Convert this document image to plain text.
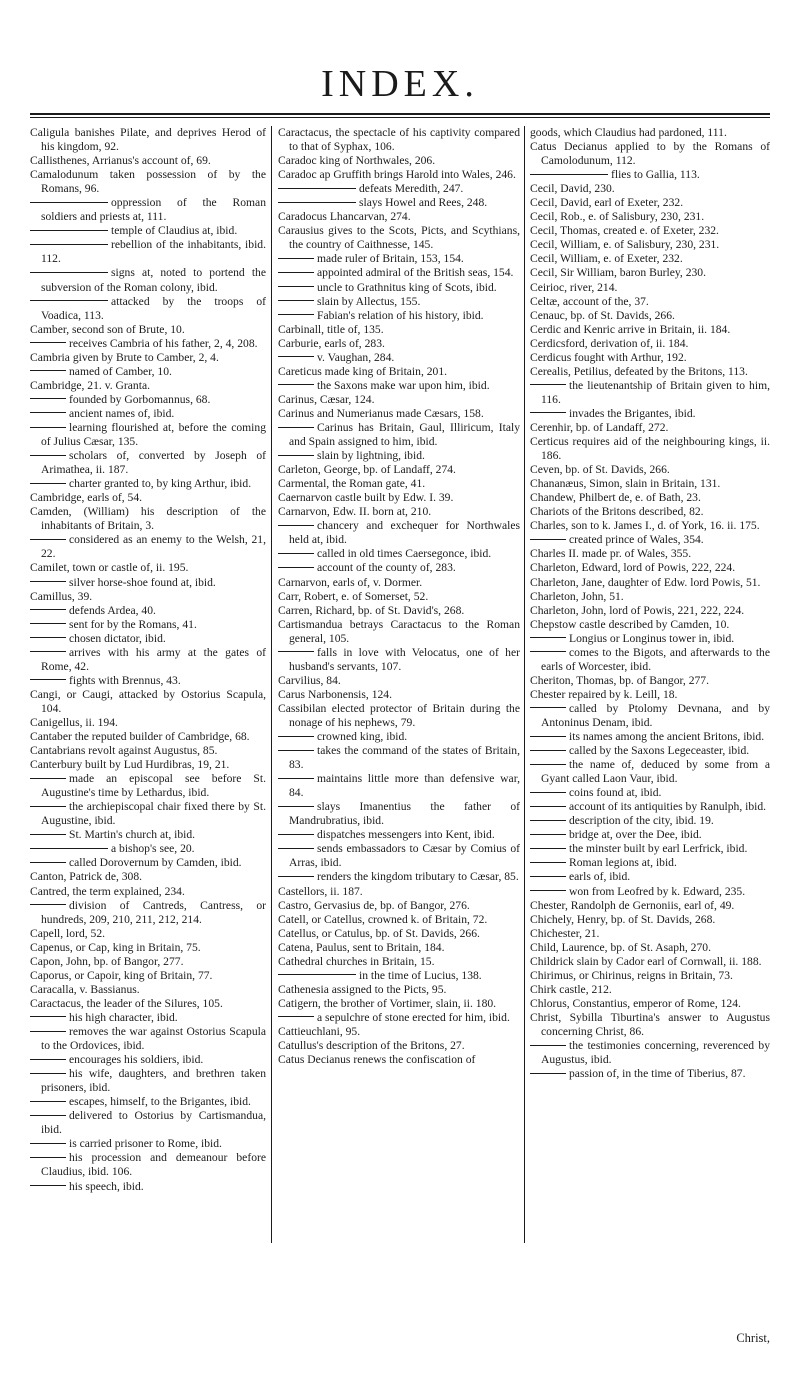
INDEX.

Caligula banishes Pilate, and deprives Herod of his kingdom, 92.

Callisthenes, Arrianus's account of, 69.

Camalodunum taken possession of by the Romans, 96.

oppression of the Roman soldiers and priests at, 111.

temple of Claudius at, ibid.

rebellion of the inhabitants, ibid. 112.

signs at, noted to portend the subversion of the Roman colony, ibid.

attacked by the troops of Voadica, 113.

Camber, second son of Brute, 10.

receives Cambria of his father, 2, 4, 208.

Cambria given by Brute to Camber, 2, 4.

named of Camber, 10.

Cambridge, 21. v. Granta.

founded by Gorbomannus, 68.

ancient names of, ibid.

learning flourished at, before the coming of Julius Cæsar, 135.

scholars of, converted by Joseph of Arimathea, ii. 187.

charter granted to, by king Arthur, ibid.

Cambridge, earls of, 54.

Camden, (William) his description of the inhabitants of Britain, 3.

considered as an enemy to the Welsh, 21, 22.

Camilet, town or castle of, ii. 195.

silver horse-shoe found at, ibid.

Camillus, 39.

defends Ardea, 40.

sent for by the Romans, 41.

chosen dictator, ibid.

arrives with his army at the gates of Rome, 42.

fights with Brennus, 43.

Cangi, or Caugi, attacked by Ostorius Scapula, 104.

Canigellus, ii. 194.

Cantaber the reputed builder of Cambridge, 68.

Cantabrians revolt against Augustus, 85.

Canterbury built by Lud Hurdibras, 19, 21.

made an episcopal see before St. Augustine's time by Lethardus, ibid.

the archiepiscopal chair fixed there by St. Augustine, ibid.

St. Martin's church at, ibid.

a bishop's see, 20.

called Dorovernum by Camden, ibid.

Canton, Patrick de, 308.

Cantred, the term explained, 234.

division of Cantreds, Cantress, or hundreds, 209, 210, 211, 212, 214.

Capell, lord, 52.

Capenus, or Cap, king in Britain, 75.

Capon, John, bp. of Bangor, 277.

Caporus, or Capoir, king of Britain, 77.

Caracalla, v. Bassianus.

Caractacus, the leader of the Silures, 105.

his high character, ibid.

removes the war against Ostorius Scapula to the Ordovices, ibid.

encourages his soldiers, ibid.

his wife, daughters, and brethren taken prisoners, ibid.

escapes, himself, to the Brigantes, ibid.

delivered to Ostorius by Cartismandua, ibid.

is carried prisoner to Rome, ibid.

his procession and demeanour before Claudius, ibid. 106.

his speech, ibid.

Caractacus, the spectacle of his captivity compared to that of Syphax, 106.

Caradoc king of Northwales, 206.

Caradoc ap Gruffith brings Harold into Wales, 246.

defeats Meredith, 247.

slays Howel and Rees, 248.

Caradocus Lhancarvan, 274.

Carausius gives to the Scots, Picts, and Scythians, the country of Caithnesse, 145.

made ruler of Britain, 153, 154.

appointed admiral of the British seas, 154.

uncle to Grathnitus king of Scots, ibid.

slain by Allectus, 155.

Fabian's relation of his history, ibid.

Carbinall, title of, 135.

Carburie, earls of, 283.

v. Vaughan, 284.

Careticus made king of Britain, 201.

the Saxons make war upon him, ibid.

Carinus, Cæsar, 124.

Carinus and Numerianus made Cæsars, 158.

Carinus has Britain, Gaul, Illiricum, Italy and Spain assigned to him, ibid.

slain by lightning, ibid.

Carleton, George, bp. of Landaff, 274.

Carmental, the Roman gate, 41.

Caernarvon castle built by Edw. I. 39.

Carnarvon, Edw. II. born at, 210.

chancery and exchequer for Northwales held at, ibid.

called in old times Caersegonce, ibid.

account of the county of, 283.

Carnarvon, earls of, v. Dormer.

Carr, Robert, e. of Somerset, 52.

Carren, Richard, bp. of St. David's, 268.

Cartismandua betrays Caractacus to the Roman general, 105.

falls in love with Velocatus, one of her husband's servants, 107.

Carvilius, 84.

Carus Narbonensis, 124.

Cassibilan elected protector of Britain during the nonage of his nephews, 79.

crowned king, ibid.

takes the command of the states of Britain, 83.

maintains little more than defensive war, 84.

slays Imanentius the father of Mandrubratius, ibid.

dispatches messengers into Kent, ibid.

sends embassadors to Cæsar by Comius of Arras, ibid.

renders the kingdom tributary to Cæsar, 85.

Castellors, ii. 187.

Castro, Gervasius de, bp. of Bangor, 276.

Catell, or Catellus, crowned k. of Britain, 72.

Catellus, or Catulus, bp. of St. Davids, 266.

Catena, Paulus, sent to Britain, 184.

Cathedral churches in Britain, 15.

in the time of Lucius, 138.

Cathenesia assigned to the Picts, 95.

Catigern, the brother of Vortimer, slain, ii. 180.

a sepulchre of stone erected for him, ibid.

Cattieuchlani, 95.

Catullus's description of the Britons, 27.

Catus Decianus renews the confiscation of

goods, which Claudius had pardoned, 111.

Catus Decianus applied to by the Romans of Camolodunum, 112.

flies to Gallia, 113.

Cecil, David, 230.

Cecil, David, earl of Exeter, 232.

Cecil, Rob., e. of Salisbury, 230, 231.

Cecil, Thomas, created e. of Exeter, 232.

Cecil, William, e. of Salisbury, 230, 231.

Cecil, William, e. of Exeter, 232.

Cecil, Sir William, baron Burley, 230.

Ceirioc, river, 214.

Celtæ, account of the, 37.

Cenauc, bp. of St. Davids, 266.

Cerdic and Kenric arrive in Britain, ii. 184.

Cerdicsford, derivation of, ii. 184.

Cerdicus fought with Arthur, 192.

Cerealis, Petilius, defeated by the Britons, 113.

the lieutenantship of Britain given to him, 116.

invades the Brigantes, ibid.

Cerenhir, bp. of Landaff, 272.

Certicus requires aid of the neighbouring kings, ii. 186.

Ceven, bp. of St. Davids, 266.

Chananæus, Simon, slain in Britain, 131.

Chandew, Philbert de, e. of Bath, 23.

Chariots of the Britons described, 82.

Charles, son to k. James I., d. of York, 16. ii. 175.

created prince of Wales, 354.

Charles II. made pr. of Wales, 355.

Charleton, Edward, lord of Powis, 222, 224.

Charleton, Jane, daughter of Edw. lord Powis, 51.

Charleton, John, 51.

Charleton, John, lord of Powis, 221, 222, 224.

Chepstow castle described by Camden, 10.

Longius or Longinus tower in, ibid.

comes to the Bigots, and afterwards to the earls of Worcester, ibid.

Cheriton, Thomas, bp. of Bangor, 277.

Chester repaired by k. Leill, 18.

called by Ptolomy Devnana, and by Antoninus Denam, ibid.

its names among the ancient Britons, ibid.

called by the Saxons Legeceaster, ibid.

the name of, deduced by some from a Gyant called Laon Vaur, ibid.

coins found at, ibid.

account of its antiquities by Ranulph, ibid.

description of the city, ibid. 19.

bridge at, over the Dee, ibid.

the minster built by earl Lerfrick, ibid.

Roman legions at, ibid.

earls of, ibid.

won from Leofred by k. Edward, 235.

Chester, Randolph de Gernoniis, earl of, 49.

Chichely, Henry, bp. of St. Davids, 268.

Chichester, 21.

Child, Laurence, bp. of St. Asaph, 270.

Childrick slain by Cador earl of Cornwall, ii. 188.

Chirimus, or Chirinus, reigns in Britain, 73.

Chirk castle, 212.

Chlorus, Constantius, emperor of Rome, 124.

Christ, Sybilla Tiburtina's answer to Augustus concerning Christ, 86.

the testimonies concerning, reverenced by Augustus, ibid.

passion of, in the time of Tiberius, 87.

Christ,
